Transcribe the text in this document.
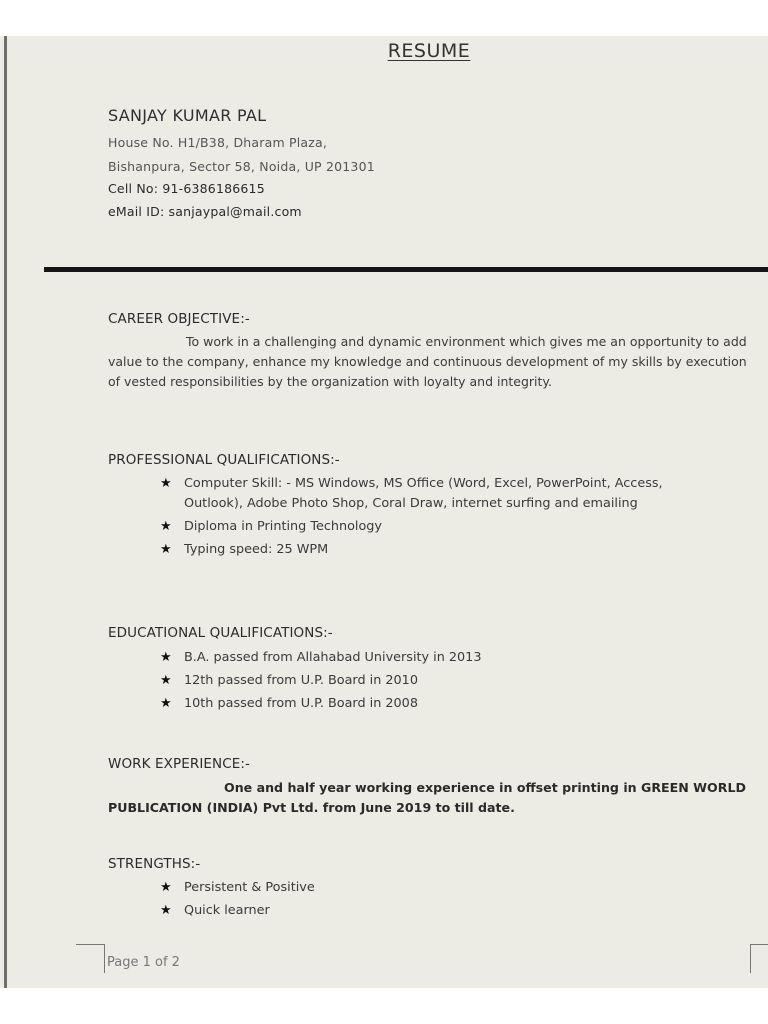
RESUME
SANJAY KUMAR PAL
House No. H1/B38, Dharam Plaza,
Bishanpura, Sector 58, Noida, UP 201301
Cell No: 91-6386186615
eMail ID: sanjaypal@mail.com
CAREER OBJECTIVE:-
To work in a challenging and dynamic environment which gives me an opportunity to add value to the company, enhance my knowledge and continuous development of my skills by execution of vested responsibilities by the organization with loyalty and integrity.
PROFESSIONAL QUALIFICATIONS:-
★ Computer Skill: - MS Windows, MS Office (Word, Excel, PowerPoint, Access, Outlook), Adobe Photo Shop, Coral Draw, internet surfing and emailing
★ Diploma in Printing Technology
★ Typing speed: 25 WPM
EDUCATIONAL QUALIFICATIONS:-
★ B.A. passed from Allahabad University in 2013
★ 12th passed from U.P. Board in 2010
★ 10th passed from U.P. Board in 2008
WORK EXPERIENCE:-
One and half year working experience in offset printing in GREEN WORLD PUBLICATION (INDIA) Pvt Ltd. from June 2019 to till date.
STRENGTHS:-
★ Persistent & Positive
★ Quick learner
Page 1 of 2
